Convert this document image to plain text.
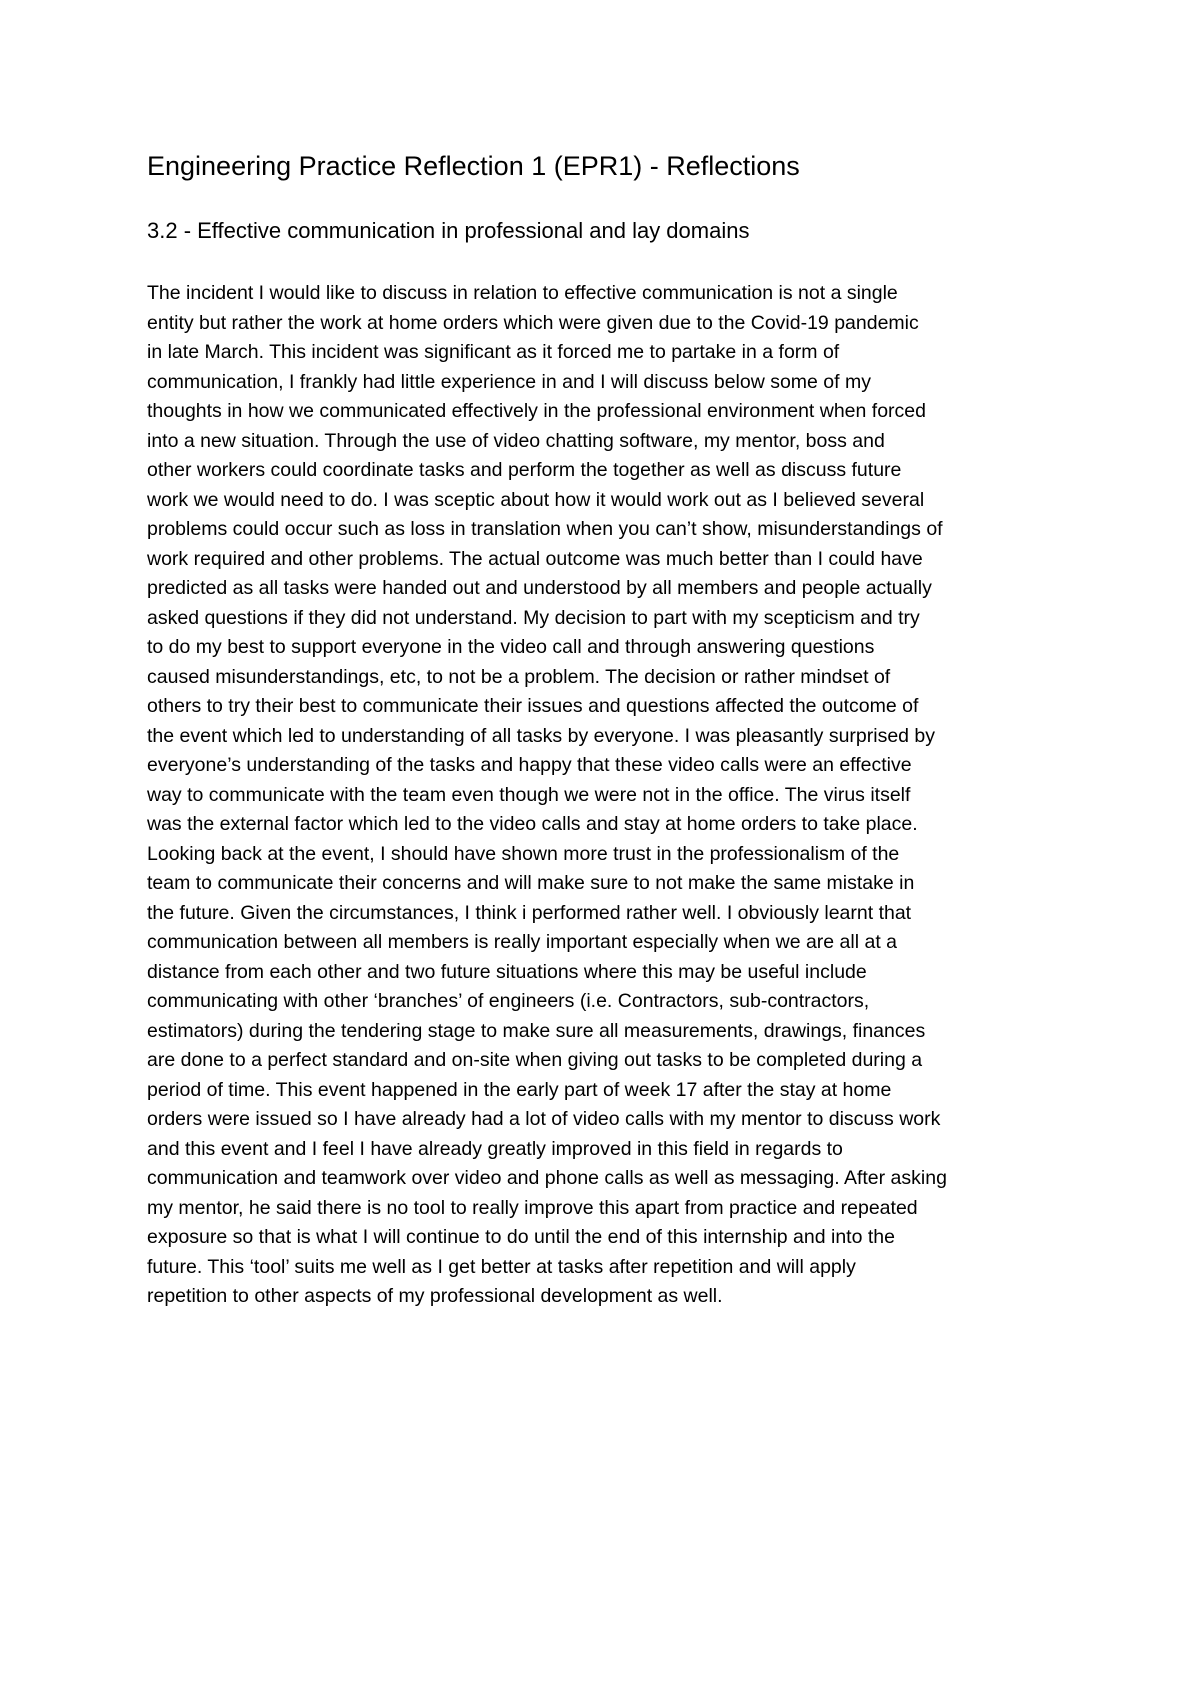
Engineering Practice Reflection 1 (EPR1) - Reflections
3.2 - Effective communication in professional and lay domains
The incident I would like to discuss in relation to effective communication is not a single
entity but rather the work at home orders which were given due to the Covid-19 pandemic
in late March. This incident was significant as it forced me to partake in a form of
communication, I frankly had little experience in and I will discuss below some of my
thoughts in how we communicated effectively in the professional environment when forced
into a new situation. Through the use of video chatting software, my mentor, boss and
other workers could coordinate tasks and perform the together as well as discuss future
work we would need to do. I was sceptic about how it would work out as I believed several
problems could occur such as loss in translation when you can’t show, misunderstandings of
work required and other problems. The actual outcome was much better than I could have
predicted as all tasks were handed out and understood by all members and people actually
asked questions if they did not understand. My decision to part with my scepticism and try
to do my best to support everyone in the video call and through answering questions
caused misunderstandings, etc, to not be a problem. The decision or rather mindset of
others to try their best to communicate their issues and questions affected the outcome of
the event which led to understanding of all tasks by everyone. I was pleasantly surprised by
everyone’s understanding of the tasks and happy that these video calls were an effective
way to communicate with the team even though we were not in the office. The virus itself
was the external factor which led to the video calls and stay at home orders to take place.
Looking back at the event, I should have shown more trust in the professionalism of the
team to communicate their concerns and will make sure to not make the same mistake in
the future. Given the circumstances, I think i performed rather well. I obviously learnt that
communication between all members is really important especially when we are all at a
distance from each other and two future situations where this may be useful include
communicating with other ‘branches’ of engineers (i.e. Contractors, sub-contractors,
estimators) during the tendering stage to make sure all measurements, drawings, finances
are done to a perfect standard and on-site when giving out tasks to be completed during a
period of time. This event happened in the early part of week 17 after the stay at home
orders were issued so I have already had a lot of video calls with my mentor to discuss work
and this event and I feel I have already greatly improved in this field in regards to
communication and teamwork over video and phone calls as well as messaging. After asking
my mentor, he said there is no tool to really improve this apart from practice and repeated
exposure so that is what I will continue to do until the end of this internship and into the
future. This ‘tool’ suits me well as I get better at tasks after repetition and will apply
repetition to other aspects of my professional development as well.
